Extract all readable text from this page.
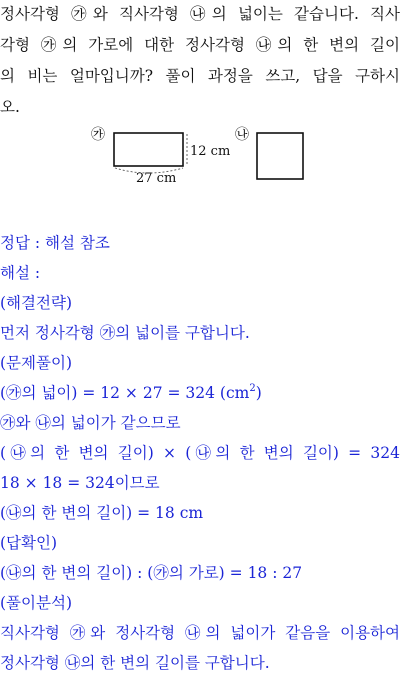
정사각형 ㉮와 직사각형 ㉯의 넓이는 같습니다. 직사
각형 ㉮의 가로에 대한 정사각형 ㉯의 한 변의 길이
의 비는 얼마입니까? 풀이 과정을 쓰고, 답을 구하시
오.
㉮
12 cm
27 cm
㉯
정답 : 해설 참조
해설 :
(해결전략)
먼저 정사각형 ㉮의 넓이를 구합니다.
(문제풀이)
(㉮의 넓이) = 12 × 27 = 324 $(cm^2)$
㉮와 ㉯의 넓이가 같으므로
(㉯의 한 변의 길이) × (㉯의 한 변의 길이) = 324
18 × 18 = 324이므로
(㉯의 한 변의 길이) = 18 cm
(답확인)
(㉯의 한 변의 길이) : (㉮의 가로) = 18 : 27
(풀이분석)
직사각형 ㉮와 정사각형 ㉯의 넓이가 같음을 이용하여
정사각형 ㉯의 한 변의 길이를 구합니다.
